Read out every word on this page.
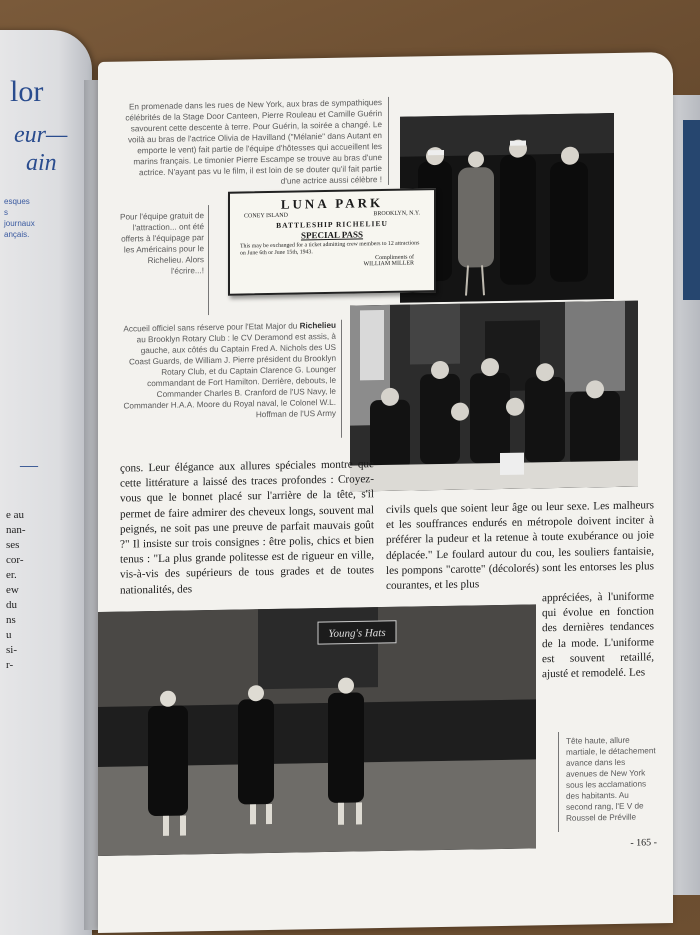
lor
eur—
ain
esques
s
journaux
ançais.
—
e au
nan-
ses
cor-
er.
ew
du
ns
u
si-
r-
En promenade dans les rues de New York, aux bras de sympathiques célébrités de la Stage Door Canteen, Pierre Rouleau et Camille Guérin savourent cette descente à terre. Pour Guérin, la soirée a changé. Le voilà au bras de l'actrice Olivia de Havilland ("Mélanie" dans Autant en emporte le vent) fait partie de l'équipe d'hôtesses qui accueillent les marins français. Le timonier Pierre Escampe se trouve au bras d'une actrice. N'ayant pas vu le film, il est loin de se douter qu'il fait partie d'une actrice aussi célèbre !
Pour l'équipe gratuit de l'attraction... ont été offerts à l'équipage par les Américains pour le Richelieu. Alors l'écrire...!
LUNA PARK
CONEY ISLAND	BROOKLYN, N.Y.
BATTLESHIP RICHELIEU
SPECIAL PASS
This may be exchanged for a ticket admitting crew members to 12 attractions on June 6th or June 15th, 1943.
Compliments of
WILLIAM MILLER
Accueil officiel sans réserve pour l'Etat Major du Richelieu au Brooklyn Rotary Club : le CV Deramond est assis, à gauche, aux côtés du Captain Fred A. Nichols des US Coast Guards, de William J. Pierre président du Brooklyn Rotary Club, et du Captain Clarence G. Lounger commandant de Fort Hamilton. Derrière, debouts, le Commander Charles B. Cranford de l'US Navy, le Commander H.A.A. Moore du Royal naval, le Colonel W.L. Hoffman de l'US Army
çons. Leur élégance aux allures spéciales montre que cette littérature a laissé des traces profondes : Croyez-vous que le bonnet placé sur l'arrière de la tête, s'il permet de faire admirer des cheveux longs, souvent mal peignés, ne soit pas une preuve de parfait mauvais goût ?" Il insiste sur trois consignes : être polis, chics et bien tenus : "La plus grande politesse est de rigueur en ville, vis-à-vis des supérieurs de tous grades et de toutes nationalités, des
civils quels que soient leur âge ou leur sexe. Les malheurs et les souffrances endurés en métropole doivent inciter à préférer la pudeur et la retenue à toute exubérance ou joie déplacée." Le foulard autour du cou, les souliers fantaisie, les pompons "carotte" (décolorés) sont les entorses les plus courantes, et les plus
appréciées, à l'uniforme qui évolue en fonction des dernières tendances de la mode. L'uniforme est souvent retaillé, ajusté et remodelé. Les
Young's Hats
Tête haute, allure martiale, le détachement avance dans les avenues de New York sous les acclamations des habitants. Au second rang, l'E V de Roussel de Préville
- 165 -
